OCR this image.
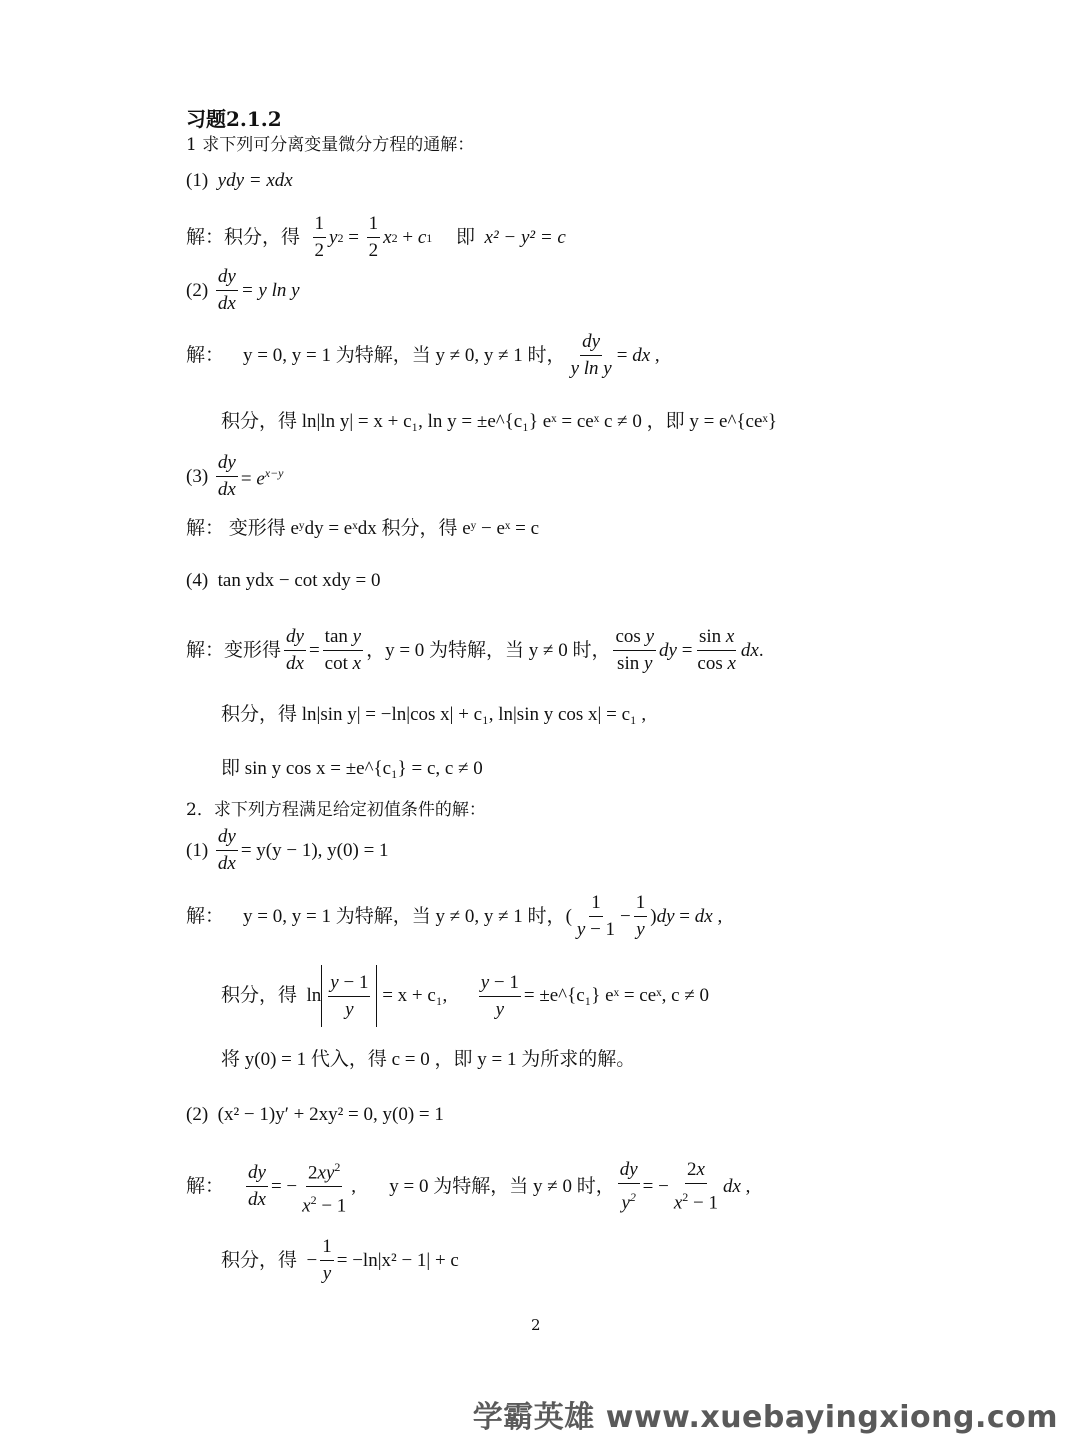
习题2.1.2
1 求下列可分离变量微分方程的通解：
(1) ydy = xdx
解：积分，得
$\frac{1}{2}$ y $2 = \frac{1}{2}$ x 2 + c 1
即
x² − y² = c
(2)
$\frac{dy}{dx} = y$ ln y
解：
y = 0, y = 1 为特解，当 y ≠ 0, y ≠ 1 时， $\frac{dy}{\text{y ln y}}$ = dx ,
积分，得 ln|ln y| = x + c₁, ln y = ±e^{c₁} eˣ = ceˣ c ≠ 0 ，即 y = e^{ceˣ}
(3)
$\frac{dy}{dx} = e^{x-y}$
解： 变形得 eʸdy = eˣdx 积分，得 eʸ − eˣ = c
(4) tan ydx − cot xdy = 0
解：变形得 $\frac{dy}{dx} = \frac{\text{tan y}}{\text{cot x}}$ ，y = 0 为特解，当 y ≠ 0 时， $\frac{\text{cos y}}{\text{sin y}}$ dy = $\frac{\text{sin x}}{\text{cos x}}$ dx .
积分，得 ln|sin y| = −ln|cos x| + c₁, ln|sin y cos x| = c₁ ,
即 sin y cos x = ±e^{c₁} = c, c ≠ 0
2．求下列方程满足给定初值条件的解：
(1)
$\frac{dy}{dx} = y(y - 1)$, y(0) = 1
解：
y = 0, y = 1 为特解，当 y ≠ 0, y ≠ 1 时， ( $\frac{1}{y - 1} - \frac{1}{y}$ ) dy = dx ,
积分，得 $\ln \frac{y - 1}{y}$
= x + c₁,
$\frac{y - 1}{y}$ = ±e^{c₁} eˣ = ceˣ, c ≠ 0
将 y(0) = 1 代入，得 c = 0 ，即 y = 1 为所求的解。
(2) (x² − 1)y′ + 2xy² = 0, y(0) = 1
解：
$\frac{dy}{dx}$ = − $\frac{2xy^2}{x^2 - 1}$ , y = 0 为特解，当 y ≠ 0 时， $\frac{dy}{y^2}$ = − $\frac{2x}{x^2 - 1}$ dx ,
积分，得 − $\frac{1}{y} = -\ln|x^2 - 1| + c$
2
学霸英雄 www.xuebayingxiong.com
